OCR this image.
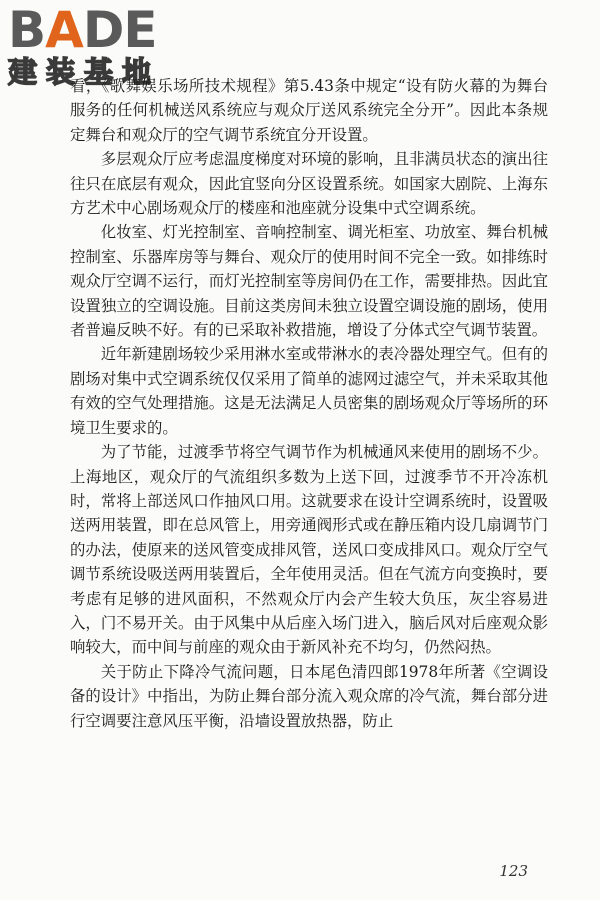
BADE
建装基地

看，《歌舞娱乐场所技术规程》第5.43条中规定“设有防火幕的为舞台服务的任何机械送风系统应与观众厅送风系统完全分开”。因此本条规定舞台和观众厅的空气调节系统宜分开设置。

多层观众厅应考虑温度梯度对环境的影响，且非满员状态的演出往往只在底层有观众，因此宜竖向分区设置系统。如国家大剧院、上海东方艺术中心剧场观众厅的楼座和池座就分设集中式空调系统。

化妆室、灯光控制室、音响控制室、调光柜室、功放室、舞台机械控制室、乐器库房等与舞台、观众厅的使用时间不完全一致。如排练时观众厅空调不运行，而灯光控制室等房间仍在工作，需要排热。因此宜设置独立的空调设施。目前这类房间未独立设置空调设施的剧场，使用者普遍反映不好。有的已采取补救措施，增设了分体式空气调节装置。

近年新建剧场较少采用淋水室或带淋水的表冷器处理空气。但有的剧场对集中式空调系统仅仅采用了简单的滤网过滤空气，并未采取其他有效的空气处理措施。这是无法满足人员密集的剧场观众厅等场所的环境卫生要求的。

为了节能，过渡季节将空气调节作为机械通风来使用的剧场不少。上海地区，观众厅的气流组织多数为上送下回，过渡季节不开冷冻机时，常将上部送风口作抽风口用。这就要求在设计空调系统时，设置吸送两用装置，即在总风管上，用旁通阀形式或在静压箱内设几扇调节门的办法，使原来的送风管变成排风管，送风口变成排风口。观众厅空气调节系统设吸送两用装置后，全年使用灵活。但在气流方向变换时，要考虑有足够的进风面积，不然观众厅内会产生较大负压，灰尘容易进入，门不易开关。由于风集中从后座入场门进入，脑后风对后座观众影响较大，而中间与前座的观众由于新风补充不均匀，仍然闷热。

关于防止下降冷气流问题，日本尾色清四郎1978年所著《空调设备的设计》中指出，为防止舞台部分流入观众席的冷气流，舞台部分进行空调要注意风压平衡，沿墙设置放热器，防止

123
